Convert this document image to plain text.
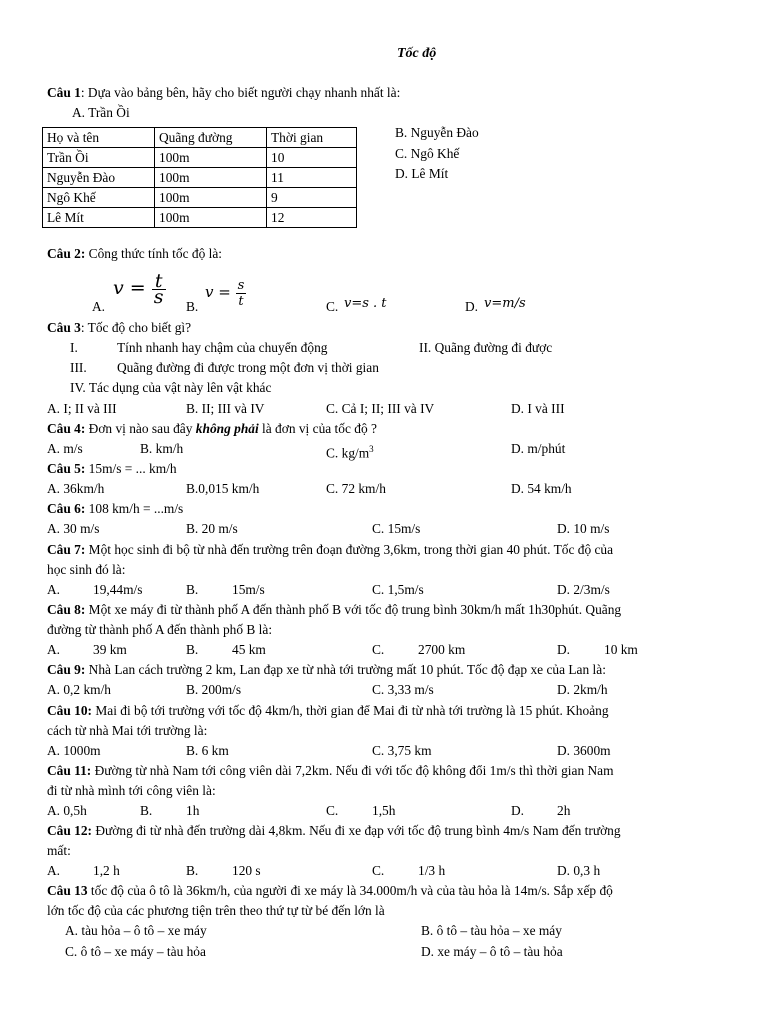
Tốc độ
Câu 1: Dựa vào bảng bên, hãy cho biết người chạy nhanh nhất là:
A. Trần Ồi
Họ và tên	Quãng đường	Thời gian
Trần Ồi	100m	10
Nguyễn Đào	100m	11
Ngô Khế	100m	9
Lê Mít	100m	12
B. Nguyễn Đào
C. Ngô Khế
D. Lê Mít
Câu 2: Công thức tính tốc độ là:
A.
$v = \frac{t}{s}$
B.
$v = \frac{s}{t}$	C. v=s . t	D. v=m/s
Câu 3: Tốc độ cho biết gì?
I.	Tính nhanh hay chậm của chuyển động	II. Quãng đường đi được
III. Quãng đường đi được trong một đơn vị thời gian
IV. Tác dụng của vật này lên vật khác
A. I; II và III	B. II; III và IV	C. Cả I; II; III và IV	D. I và III
Câu 4: Đơn vị nào sau đây không phải là đơn vị của tốc độ ?
A. m/s	B. km/h	C. $kg/m^3$	D. m/phút
Câu 5: 15m/s = ... km/h
A. 36km/h	B.0,015 km/h	C. 72 km/h	D. 54 km/h
Câu 6: 108 km/h = ...m/s
A. 30 m/s	B. 20 m/s	C. 15m/s	D. 10 m/s
Câu 7: Một học sinh đi bộ từ nhà đến trường trên đoạn đường 3,6km, trong thời gian 40 phút. Tốc độ của
học sinh đó là:
A. 19,44m/s	B.	15m/s	C. 1,5m/s	D. 2/3m/s
Câu 8: Một xe máy đi từ thành phố A đến thành phố B với tốc độ trung bình 30km/h mất 1h30phút. Quãng
đường từ thành phố A đến thành phố B là:
A. 39 km	B.	45 km	C.	2700 km	D.	10 km
Câu 9: Nhà Lan cách trường 2 km, Lan đạp xe từ nhà tới trường mất 10 phút. Tốc độ đạp xe của Lan là:
A. 0,2 km/h	B. 200m/s	C. 3,33 m/s	D. 2km/h
Câu 10: Mai đi bộ tới trường với tốc độ 4km/h, thời gian để Mai đi từ nhà tới trường là 15 phút. Khoảng
cách từ nhà Mai tới trường là:
A. 1000m	B. 6 km	C. 3,75 km	D. 3600m
Câu 11: Đường từ nhà Nam tới công viên dài 7,2km. Nếu đi với tốc độ không đổi 1m/s thì thời gian Nam
đi từ nhà mình tới công viên là:
A. 0,5h	B.	1h	C.	1,5h	D. 2h
Câu 12: Đường đi từ nhà đến trường dài 4,8km. Nếu đi xe đạp với tốc độ trung bình 4m/s Nam đến trường
mất:
A. 1,2 h	B.	120 s	C.	1/3 h	D. 0,3 h
Câu 13 tốc độ của ô tô là 36km/h, của người đi xe máy là 34.000m/h và của tàu hỏa là 14m/s. Sắp xếp độ
lớn tốc độ của các phương tiện trên theo thứ tự từ bé đến lớn là
A. tàu hỏa – ô tô – xe máy	B. ô tô – tàu hỏa – xe máy
C. ô tô – xe máy – tàu hỏa	D. xe máy – ô tô – tàu hỏa
